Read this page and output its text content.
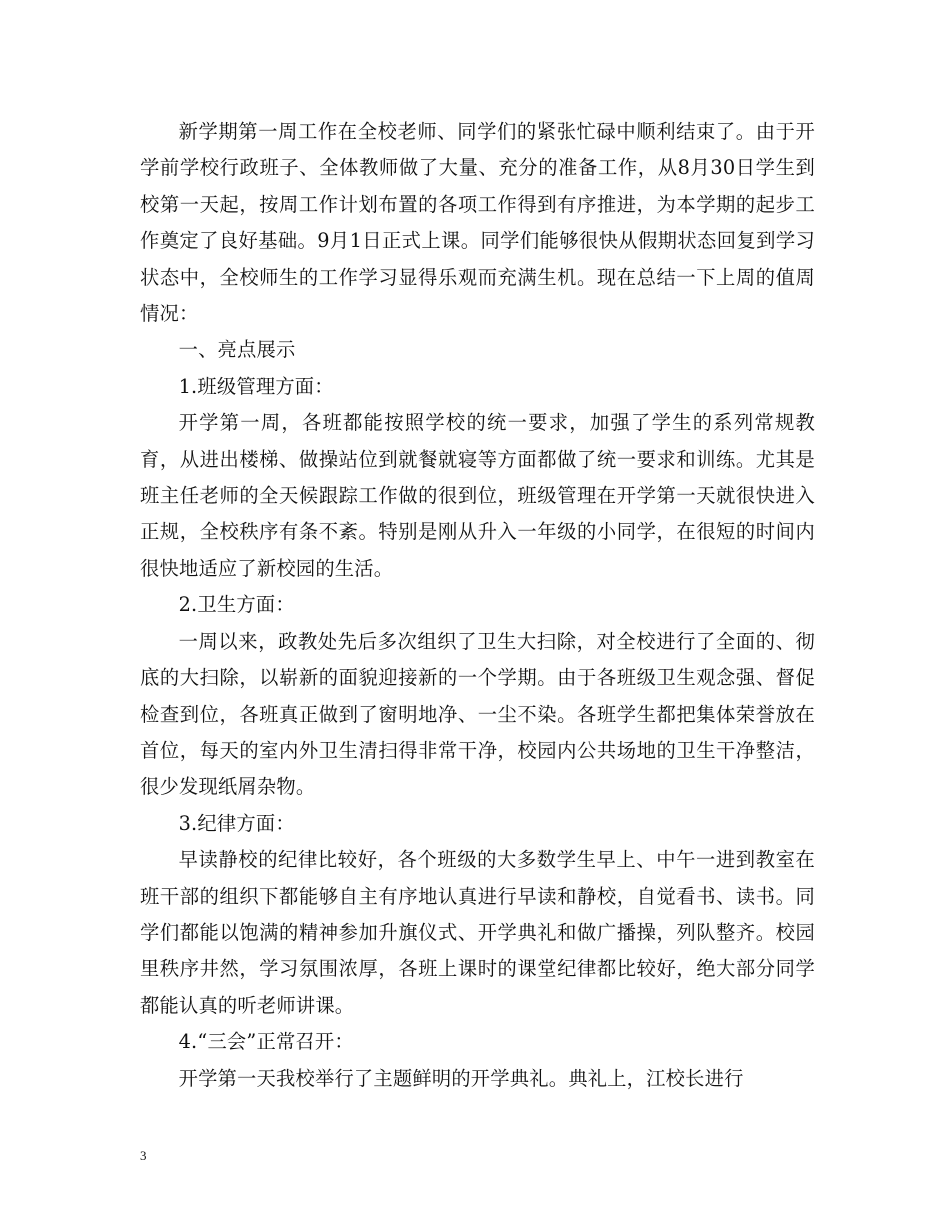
新学期第一周工作在全校老师、同学们的紧张忙碌中顺利结束了。由于开学前学校行政班子、全体教师做了大量、充分的准备工作，从8月30日学生到校第一天起，按周工作计划布置的各项工作得到有序推进，为本学期的起步工作奠定了良好基础。9月1日正式上课。同学们能够很快从假期状态回复到学习状态中，全校师生的工作学习显得乐观而充满生机。现在总结一下上周的值周情况：

一、亮点展示

1.班级管理方面：

开学第一周，各班都能按照学校的统一要求，加强了学生的系列常规教育，从进出楼梯、做操站位到就餐就寝等方面都做了统一要求和训练。尤其是班主任老师的全天候跟踪工作做的很到位，班级管理在开学第一天就很快进入正规，全校秩序有条不紊。特别是刚从升入一年级的小同学，在很短的时间内很快地适应了新校园的生活。

2.卫生方面：

一周以来，政教处先后多次组织了卫生大扫除，对全校进行了全面的、彻底的大扫除，以崭新的面貌迎接新的一个学期。由于各班级卫生观念强、督促检查到位，各班真正做到了窗明地净、一尘不染。各班学生都把集体荣誉放在首位，每天的室内外卫生清扫得非常干净，校园内公共场地的卫生干净整洁，很少发现纸屑杂物。

3.纪律方面：

早读静校的纪律比较好，各个班级的大多数学生早上、中午一进到教室在班干部的组织下都能够自主有序地认真进行早读和静校，自觉看书、读书。同学们都能以饱满的精神参加升旗仪式、开学典礼和做广播操，列队整齐。校园里秩序井然，学习氛围浓厚，各班上课时的课堂纪律都比较好，绝大部分同学都能认真的听老师讲课。

4.“三会”正常召开：

开学第一天我校举行了主题鲜明的开学典礼。典礼上，江校长进行

3
